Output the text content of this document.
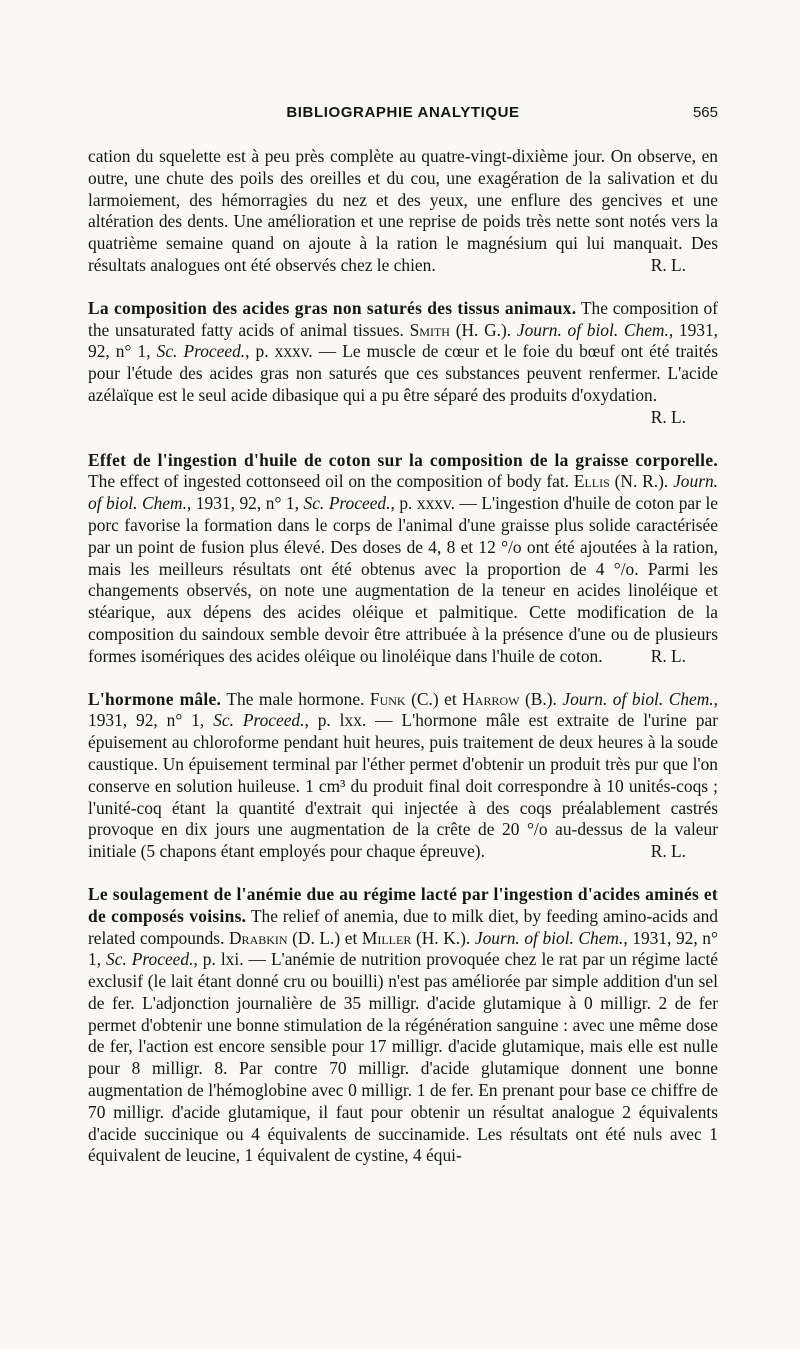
BIBLIOGRAPHIE ANALYTIQUE	565

cation du squelette est à peu près complète au quatre-vingt-dixième jour. On observe, en outre, une chute des poils des oreilles et du cou, une exagération de la salivation et du larmoiement, des hémorragies du nez et des yeux, une enflure des gencives et une altération des dents. Une amélioration et une reprise de poids très nette sont notés vers la quatrième semaine quand on ajoute à la ration le magnésium qui lui manquait. Des résultats analogues ont été observés chez le chien.	R. L.

La composition des acides gras non saturés des tissus animaux. The composition of the unsaturated fatty acids of animal tissues. Smith (H. G.). Journ. of biol. Chem., 1931, 92, n° 1, Sc. Proceed., p. xxxv. — Le muscle de cœur et le foie du bœuf ont été traités pour l'étude des acides gras non saturés que ces substances peuvent renfermer. L'acide azélaïque est le seul acide dibasique qui a pu être séparé des produits d'oxydation.

R. L.

Effet de l'ingestion d'huile de coton sur la composition de la graisse corporelle. The effect of ingested cottonseed oil on the composition of body fat. Ellis (N. R.). Journ. of biol. Chem., 1931, 92, n° 1, Sc. Proceed., p. xxxv. — L'ingestion d'huile de coton par le porc favorise la formation dans le corps de l'animal d'une graisse plus solide caractérisée par un point de fusion plus élevé. Des doses de 4, 8 et 12 °/o ont été ajoutées à la ration, mais les meilleurs résultats ont été obtenus avec la proportion de 4 °/o. Parmi les changements observés, on note une augmentation de la teneur en acides linoléique et stéarique, aux dépens des acides oléique et palmitique. Cette modification de la composition du saindoux semble devoir être attribuée à la présence d'une ou de plusieurs formes isomériques des acides oléique ou linoléique dans l'huile de coton.	R. L.

L'hormone mâle. The male hormone. Funk (C.) et Harrow (B.). Journ. of biol. Chem., 1931, 92, n° 1, Sc. Proceed., p. lxx. — L'hormone mâle est extraite de l'urine par épuisement au chloroforme pendant huit heures, puis traitement de deux heures à la soude caustique. Un épuisement terminal par l'éther permet d'obtenir un produit très pur que l'on conserve en solution huileuse. 1 cm³ du produit final doit correspondre à 10 unités-coqs ; l'unité-coq étant la quantité d'extrait qui injectée à des coqs préalablement castrés provoque en dix jours une augmentation de la crête de 20 °/o au-dessus de la valeur initiale (5 chapons étant employés pour chaque épreuve).	R. L.

Le soulagement de l'anémie due au régime lacté par l'ingestion d'acides aminés et de composés voisins. The relief of anemia, due to milk diet, by feeding amino-acids and related compounds. Drabkin (D. L.) et Miller (H. K.). Journ. of biol. Chem., 1931, 92, n° 1, Sc. Proceed., p. lxi. — L'anémie de nutrition provoquée chez le rat par un régime lacté exclusif (le lait étant donné cru ou bouilli) n'est pas améliorée par simple addition d'un sel de fer. L'adjonction journalière de 35 milligr. d'acide glutamique à 0 milligr. 2 de fer permet d'obtenir une bonne stimulation de la régénération sanguine : avec une même dose de fer, l'action est encore sensible pour 17 milligr. d'acide glutamique, mais elle est nulle pour 8 milligr. 8. Par contre 70 milligr. d'acide glutamique donnent une bonne augmentation de l'hémoglobine avec 0 milligr. 1 de fer. En prenant pour base ce chiffre de 70 milligr. d'acide glutamique, il faut pour obtenir un résultat analogue 2 équivalents d'acide succinique ou 4 équivalents de succinamide. Les résultats ont été nuls avec 1 équivalent de leucine, 1 équivalent de cystine, 4 équi-
